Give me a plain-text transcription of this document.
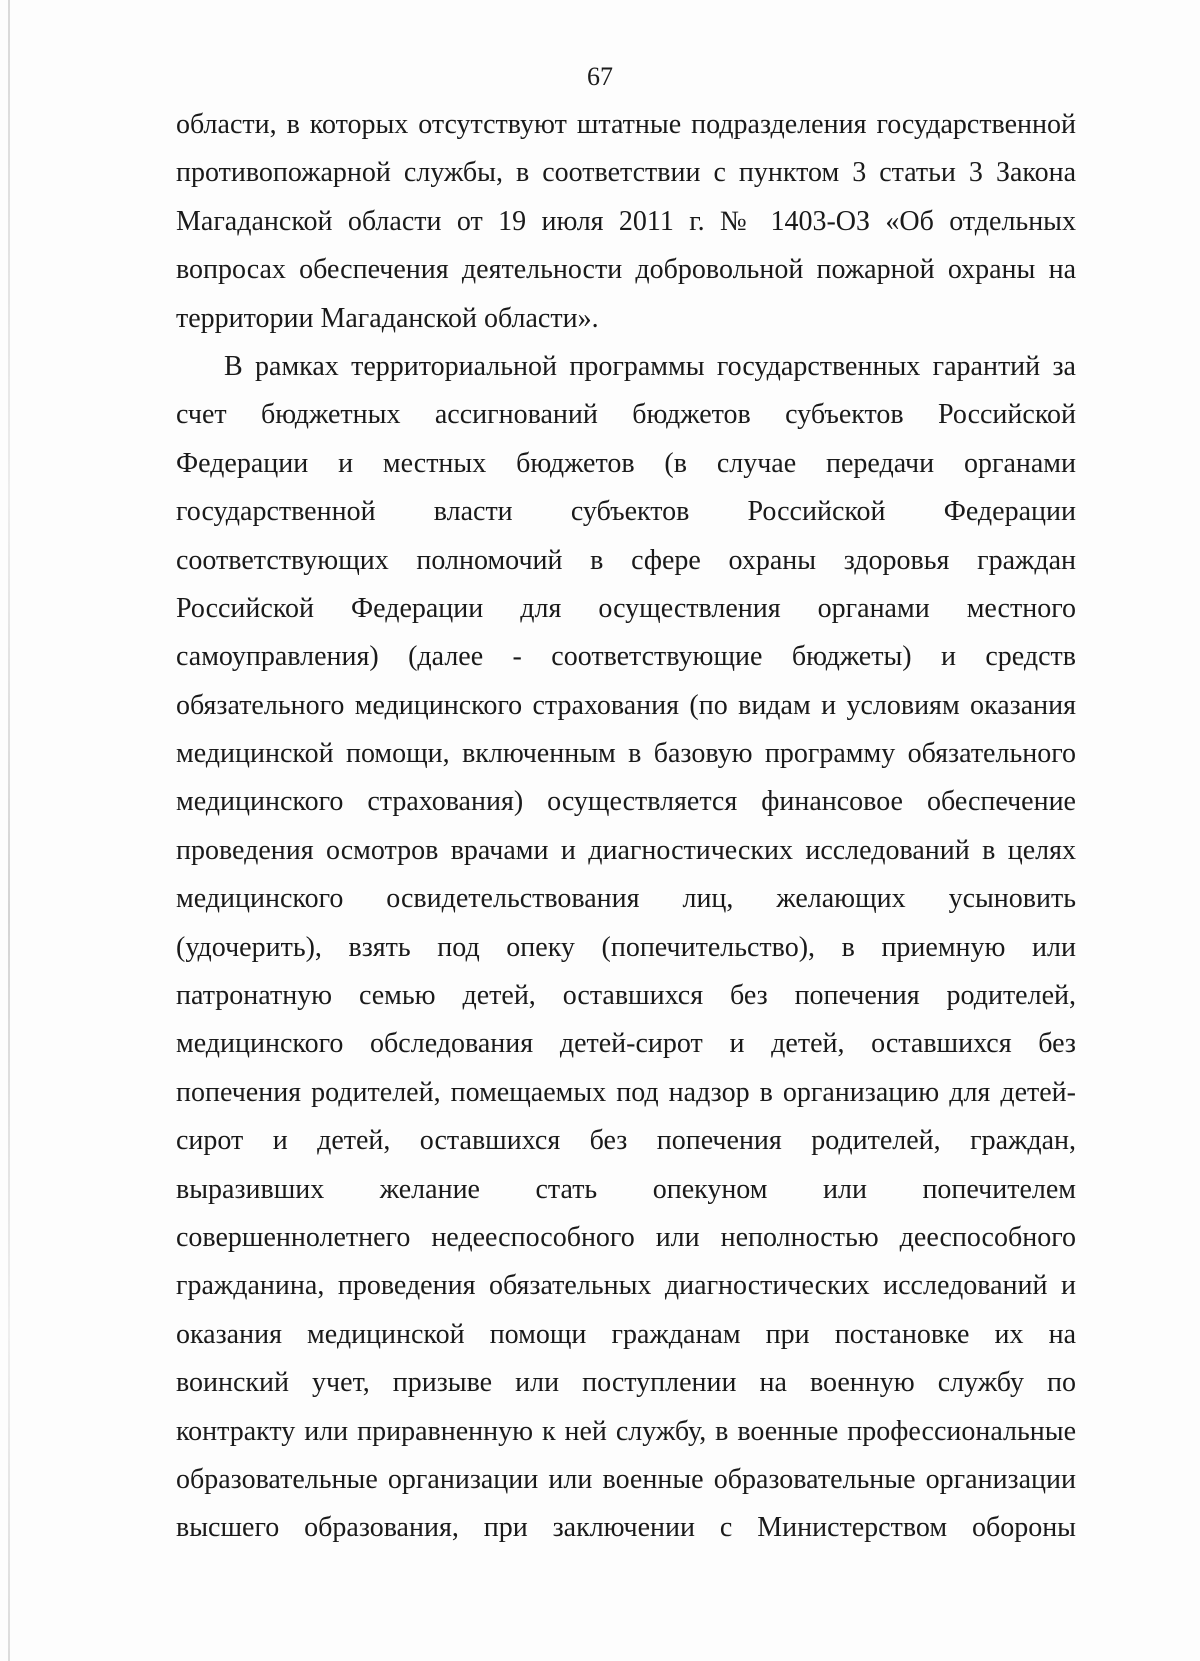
67
области, в которых отсутствуют штатные подразделения государственной
противопожарной службы, в соответствии с пунктом 3 статьи 3 Закона
Магаданской области от 19 июля 2011 г. № 1403-ОЗ «Об отдельных
вопросах обеспечения деятельности добровольной пожарной охраны на
территории Магаданской области».
В рамках территориальной программы государственных гарантий за
счет бюджетных ассигнований бюджетов субъектов Российской
Федерации и местных бюджетов (в случае передачи органами
государственной власти субъектов Российской Федерации
соответствующих полномочий в сфере охраны здоровья граждан
Российской Федерации для осуществления органами местного
самоуправления) (далее - соответствующие бюджеты) и средств
обязательного медицинского страхования (по видам и условиям оказания
медицинской помощи, включенным в базовую программу обязательного
медицинского страхования) осуществляется финансовое обеспечение
проведения осмотров врачами и диагностических исследований в целях
медицинского освидетельствования лиц, желающих усыновить
(удочерить), взять под опеку (попечительство), в приемную или
патронатную семью детей, оставшихся без попечения родителей,
медицинского обследования детей-сирот и детей, оставшихся без
попечения родителей, помещаемых под надзор в организацию для детей-
сирот и детей, оставшихся без попечения родителей, граждан,
выразивших желание стать опекуном или попечителем
совершеннолетнего недееспособного или неполностью дееспособного
гражданина, проведения обязательных диагностических исследований и
оказания медицинской помощи гражданам при постановке их на
воинский учет, призыве или поступлении на военную службу по
контракту или приравненную к ней службу, в военные профессиональные
образовательные организации или военные образовательные организации
высшего образования, при заключении с Министерством обороны
